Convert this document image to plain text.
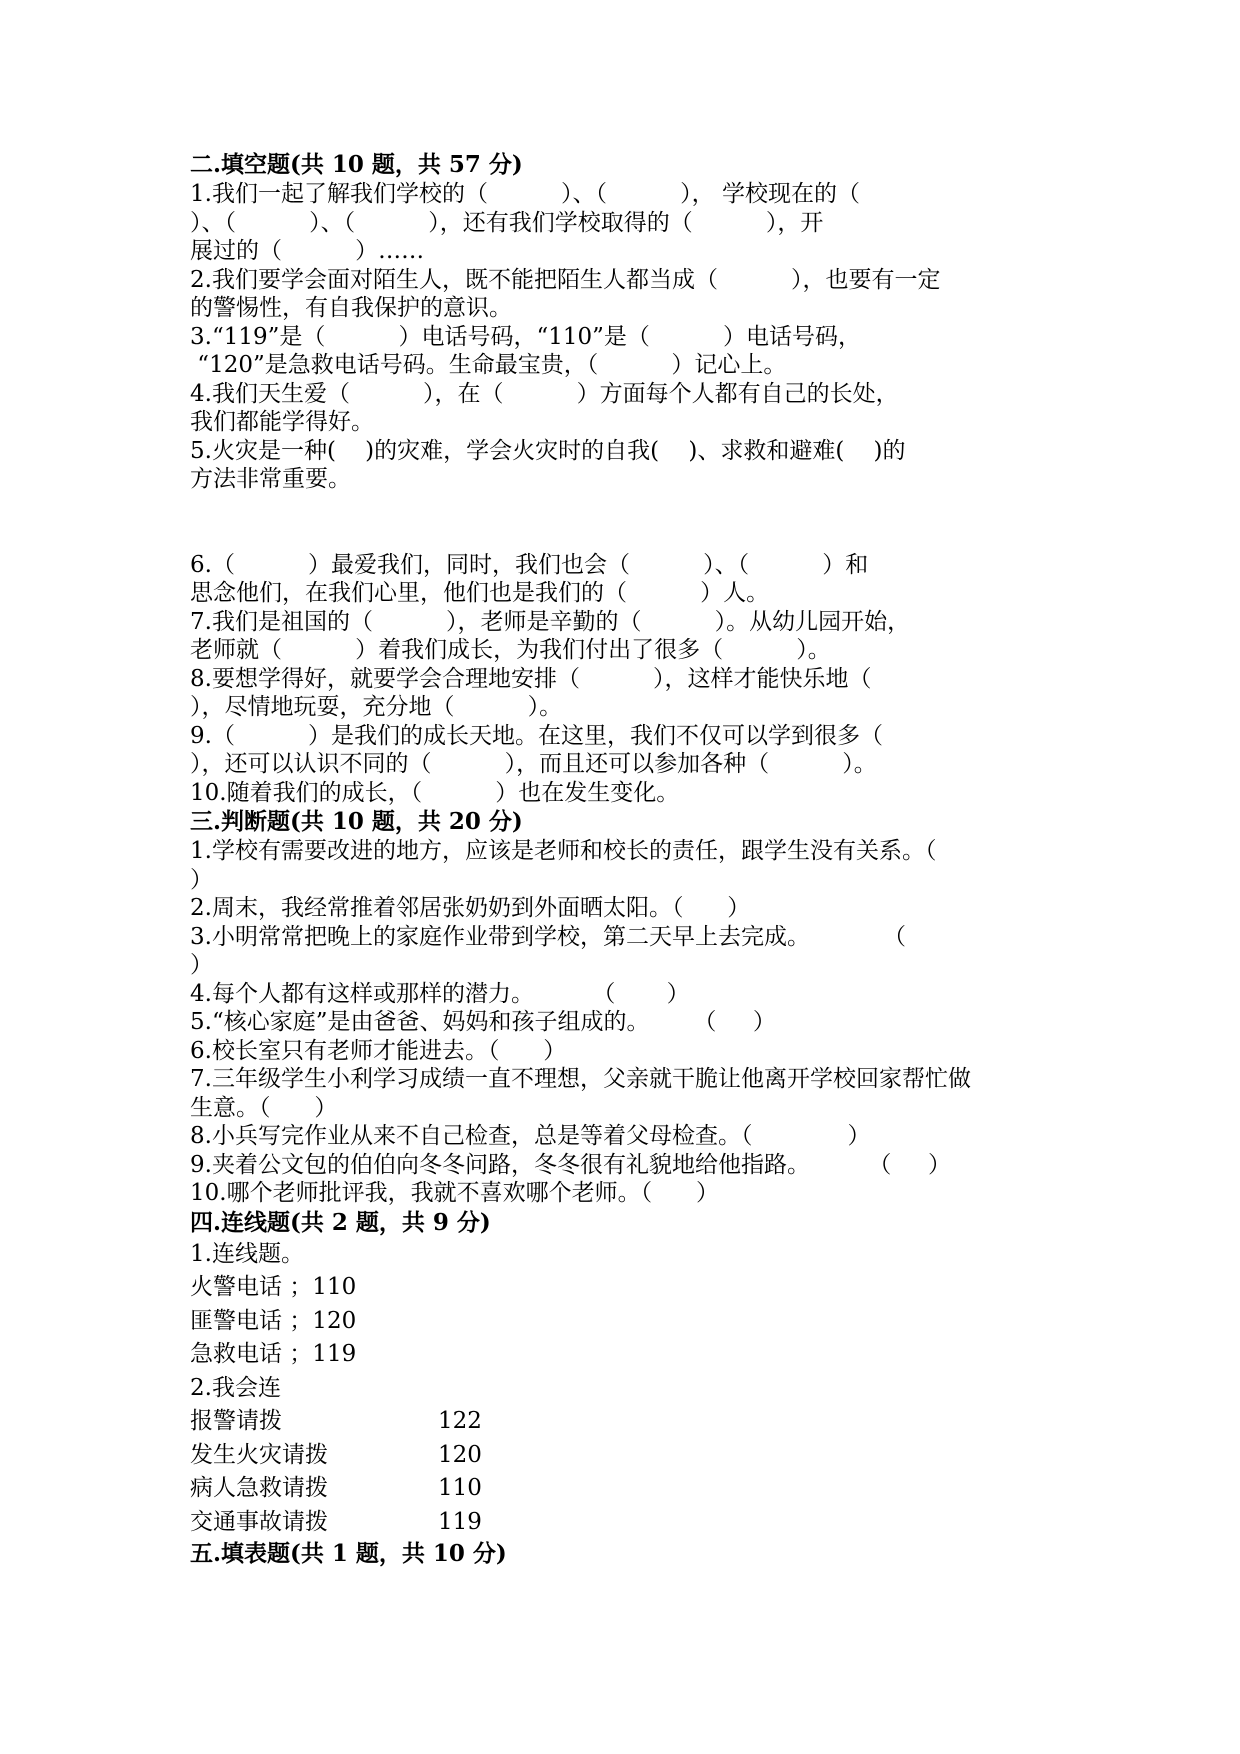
二.填空题(共 10 题，共 57 分)
1.我们一起了解我们学校的（          ）、（          ）， 学校现在的（
）、（          ）、（          ），还有我们学校取得的（          ），开
展过的（          ）……
2.我们要学会面对陌生人，既不能把陌生人都当成（          ），也要有一定
的警惕性，有自我保护的意识。
3.“119”是（          ）电话号码，“110”是（          ）电话号码，
“120”是急救电话号码。生命最宝贵，（          ）记心上。
4.我们天生爱（          ），在（          ）方面每个人都有自己的长处，
我们都能学得好。
5.火灾是一种(    )的灾难，学会火灾时的自我(    )、求救和避难(    )的
方法非常重要。
6.（          ）最爱我们，同时，我们也会（          ）、（          ）和
思念他们，在我们心里，他们也是我们的（          ）人。
7.我们是祖国的（          ），老师是辛勤的（          ）。从幼儿园开始，
老师就（          ）着我们成长，为我们付出了很多（          ）。
8.要想学得好，就要学会合理地安排（          ），这样才能快乐地（
），尽情地玩耍，充分地（          ）。
9.（          ）是我们的成长天地。在这里，我们不仅可以学到很多（
），还可以认识不同的（          ），而且还可以参加各种（          ）。
10.随着我们的成长，（          ）也在发生变化。
三.判断题(共 10 题，共 20 分)
1.学校有需要改进的地方，应该是老师和校长的责任，跟学生没有关系。（
）
2.周末，我经常推着邻居张奶奶到外面晒太阳。（      ）
3.小明常常把晚上的家庭作业带到学校，第二天早上去完成。          （
）
4.每个人都有这样或那样的潜力。        （       ）
5.“核心家庭”是由爸爸、妈妈和孩子组成的。      （     ）
6.校长室只有老师才能进去。（      ）
7.三年级学生小利学习成绩一直不理想，父亲就干脆让他离开学校回家帮忙做
生意。（      ）
8.小兵写完作业从来不自己检查，总是等着父母检查。（             ）
9.夹着公文包的伯伯向冬冬问路，冬冬很有礼貌地给他指路。        （     ）
10.哪个老师批评我，我就不喜欢哪个老师。（      ）
四.连线题(共 2 题，共 9 分)
1.连线题。
火警电话 ；110
匪警电话 ；120
急救电话 ；119
2.我会连
报警请拨	122
发生火灾请拨	120
病人急救请拨	110
交通事故请拨	119
五.填表题(共 1 题，共 10 分)
